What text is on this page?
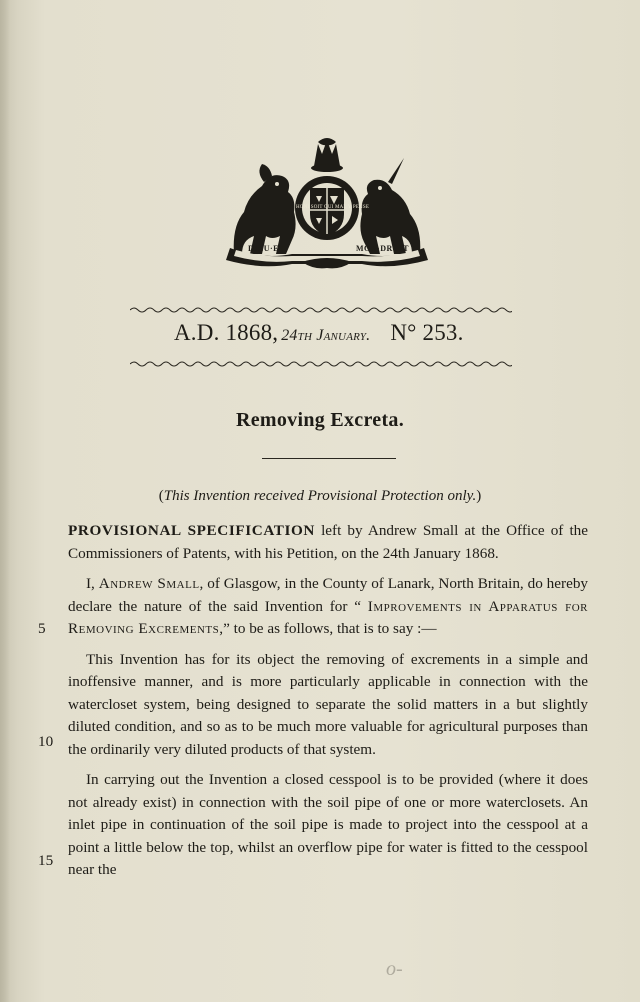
HONI SOIT QUI MAL Y PENSE
DIEU·ET	MON·DROIT
A.D. 1868, 24th January. N° 253.
Removing Excreta.
(This Invention received Provisional Protection only.)

PROVISIONAL SPECIFICATION left by Andrew Small at the Office of the Commissioners of Patents, with his Petition, on the 24th January 1868.

I, Andrew Small, of Glasgow, in the County of Lanark, North Britain, do hereby declare the nature of the said Invention for “ Improvements in Apparatus for Removing Excrements,” to be as follows, that is to say :—

This Invention has for its object the removing of excrements in a simple and inoffensive manner, and is more particularly applicable in connection with the watercloset system, being designed to separate the solid matters in a but slightly diluted condition, and so as to be much more valuable for agricultural purposes than the ordinarily very diluted products of that system.

In carrying out the Invention a closed cesspool is to be provided (where it does not already exist) in connection with the soil pipe of one or more waterclosets. An inlet pipe in continuation of the soil pipe is made to project into the cesspool at a point a little below the top, whilst an overflow pipe for water is fitted to the cesspool near the

5
10
15
o-
